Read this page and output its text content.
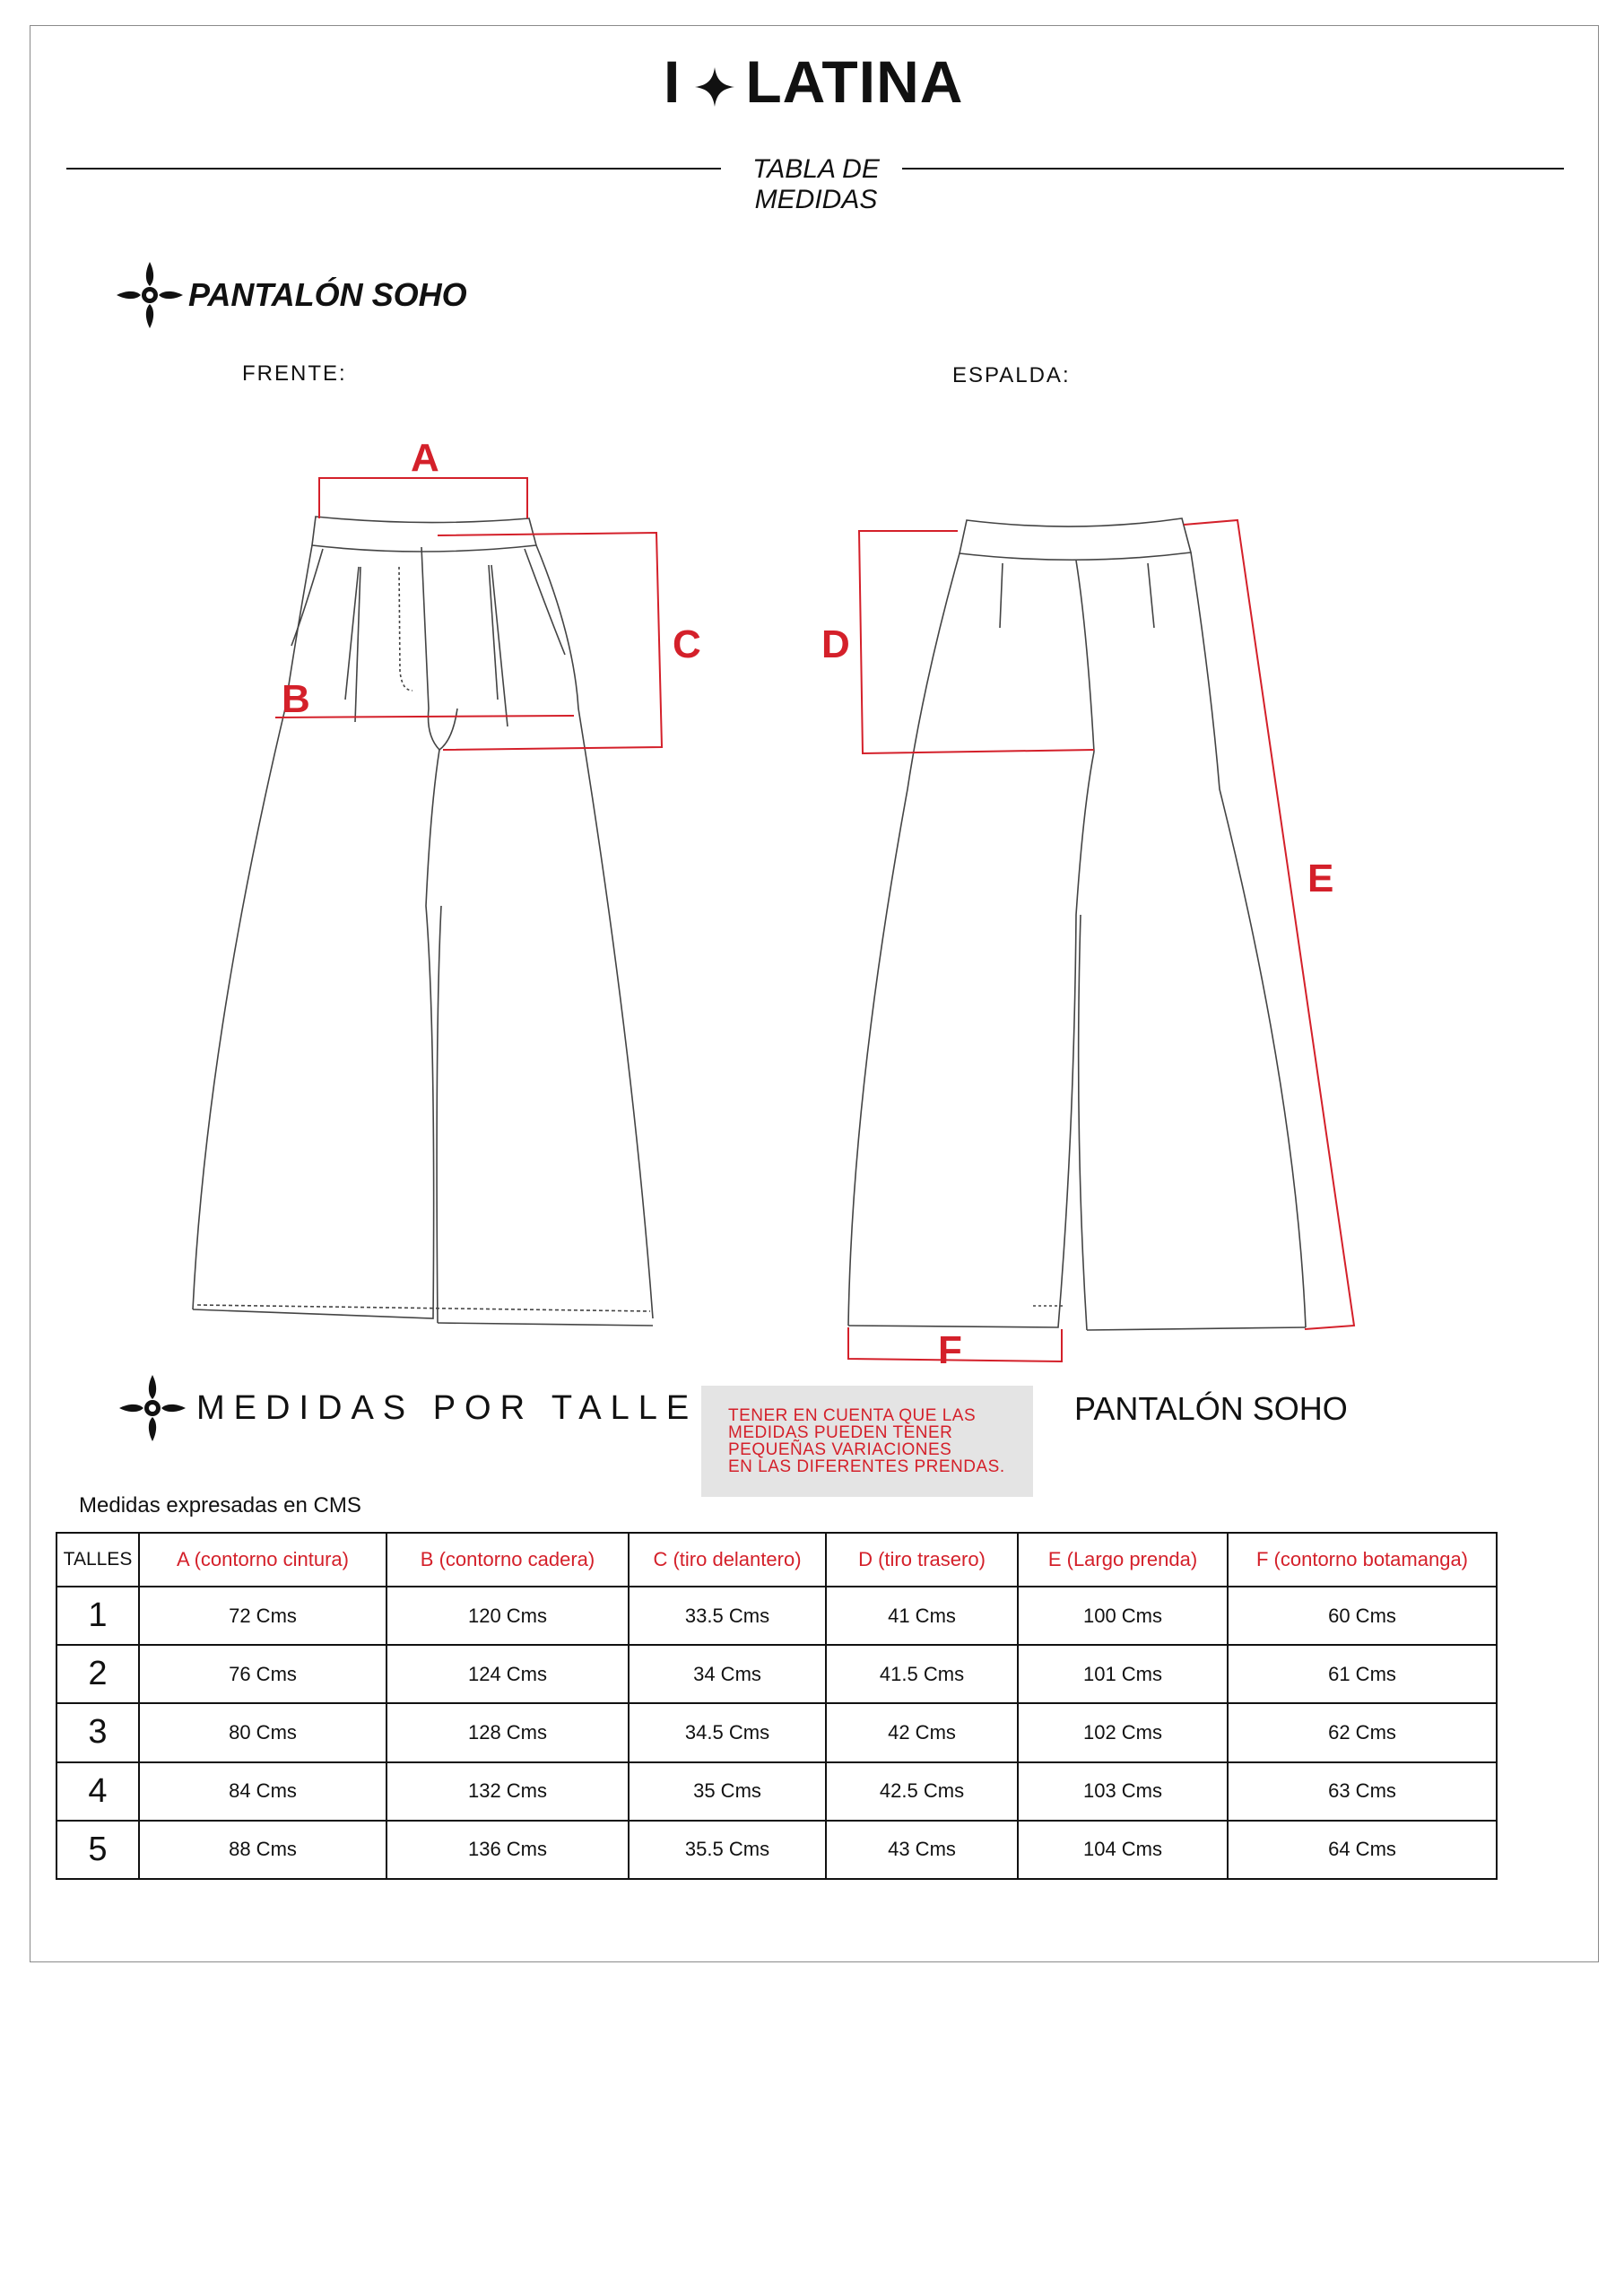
I LATINA
TABLA DE
MEDIDAS
PANTALÓN SOHO
FRENTE:	ESPALDA:
A
B
C	D
E
F
MEDIDAS POR TALLE TENER EN CUENTA QUE LAS
MEDIDAS PUEDEN TENER
PEQUEÑAS VARIACIONES
EN LAS DIFERENTES PRENDAS.
PANTALÓN SOHO
Medidas expresadas en CMS
TALLES	A (contorno cintura)	B (contorno cadera)	C (tiro delantero)	D (tiro trasero)	E (Largo prenda)	F (contorno botamanga)
1	72 Cms	120 Cms	33.5 Cms	41 Cms	100 Cms	60 Cms
2	76 Cms	124 Cms	34 Cms	41.5 Cms	101 Cms	61 Cms
3	80 Cms	128 Cms	34.5 Cms	42 Cms	102 Cms	62 Cms
4	84 Cms	132 Cms	35 Cms	42.5 Cms	103 Cms	63 Cms
5	88 Cms	136 Cms	35.5 Cms	43 Cms	104 Cms	64 Cms
